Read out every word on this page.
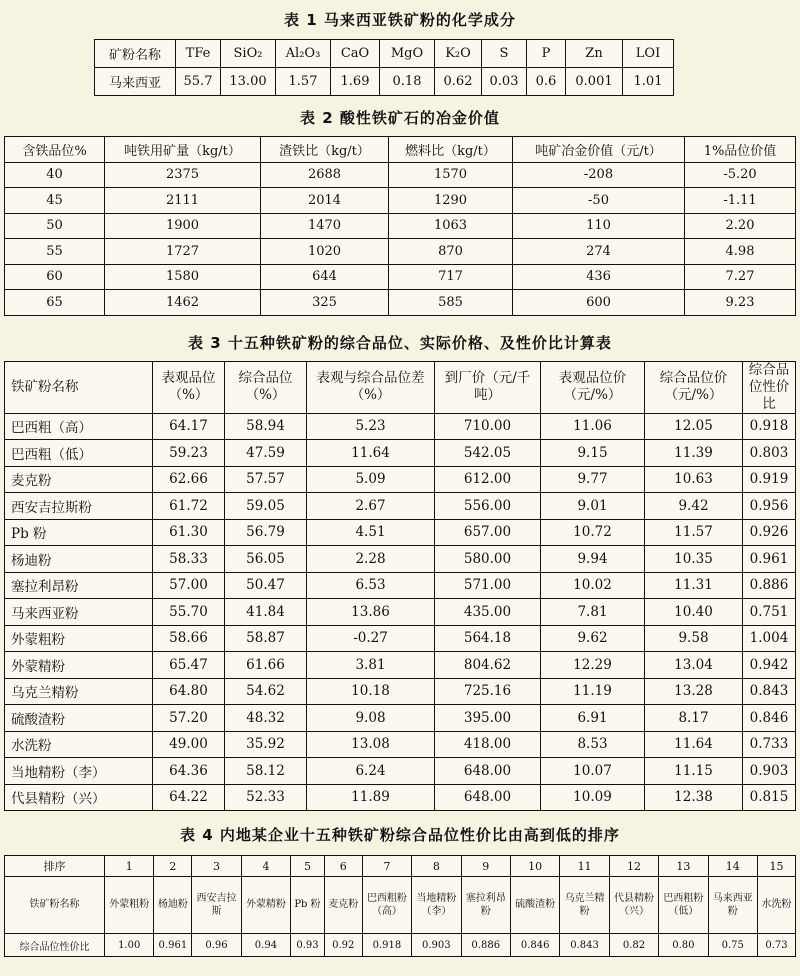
表 1 马来西亚铁矿粉的化学成分
矿粉名称	TFe	SiO₂	Al₂O₃	CaO	MgO	K₂O	S	P	Zn	LOI
马来西亚	55.7	13.00	1.57	1.69	0.18	0.62	0.03	0.6	0.001	1.01
表 2 酸性铁矿石的冶金价值
含铁品位%	吨铁用矿量（kg/t）	渣铁比（kg/t）	燃料比（kg/t）	吨矿冶金价值（元/t）	1%品位价值
40	2375	2688	1570	-208	-5.20
45	2111	2014	1290	-50	-1.11
50	1900	1470	1063	110	2.20
55	1727	1020	870	274	4.98
60	1580	644	717	436	7.27
65	1462	325	585	600	9.23
表 3 十五种铁矿粉的综合品位、实际价格、及性价比计算表
铁矿粉名称	表观品位（%）	综合品位（%）	表观与综合品位差（%）	到厂价（元/千吨）	表观品位价（元/%）	综合品位价（元/%）	综合品位性价比
巴西粗（高）	64.17	58.94	5.23	710.00	11.06	12.05	0.918
巴西粗（低）	59.23	47.59	11.64	542.05	9.15	11.39	0.803
麦克粉	62.66	57.57	5.09	612.00	9.77	10.63	0.919
西安吉拉斯粉	61.72	59.05	2.67	556.00	9.01	9.42	0.956
Pb 粉	61.30	56.79	4.51	657.00	10.72	11.57	0.926
杨迪粉	58.33	56.05	2.28	580.00	9.94	10.35	0.961
塞拉利昂粉	57.00	50.47	6.53	571.00	10.02	11.31	0.886
马来西亚粉	55.70	41.84	13.86	435.00	7.81	10.40	0.751
外蒙粗粉	58.66	58.87	-0.27	564.18	9.62	9.58	1.004
外蒙精粉	65.47	61.66	3.81	804.62	12.29	13.04	0.942
乌克兰精粉	64.80	54.62	10.18	725.16	11.19	13.28	0.843
硫酸渣粉	57.20	48.32	9.08	395.00	6.91	8.17	0.846
水洗粉	49.00	35.92	13.08	418.00	8.53	11.64	0.733
当地精粉（李）	64.36	58.12	6.24	648.00	10.07	11.15	0.903
代县精粉（兴）	64.22	52.33	11.89	648.00	10.09	12.38	0.815
表 4 内地某企业十五种铁矿粉综合品位性价比由高到低的排序
排序	1	2	3	4	5	6	7	8	9	10	11	12	13	14	15
铁矿粉名称	外蒙粗粉	杨迪粉	西安吉拉斯	外蒙精粉	Pb 粉	麦克粉	巴西粗粉（高）	当地精粉（李）	塞拉利昂粉	硫酸渣粉	乌克兰精粉	代县精粉（兴）	巴西粗粉（低）	马来西亚粉	水洗粉
综合品位性价比	1.00	0.961	0.96	0.94	0.93	0.92	0.918	0.903	0.886	0.846	0.843	0.82	0.80	0.75	0.73
